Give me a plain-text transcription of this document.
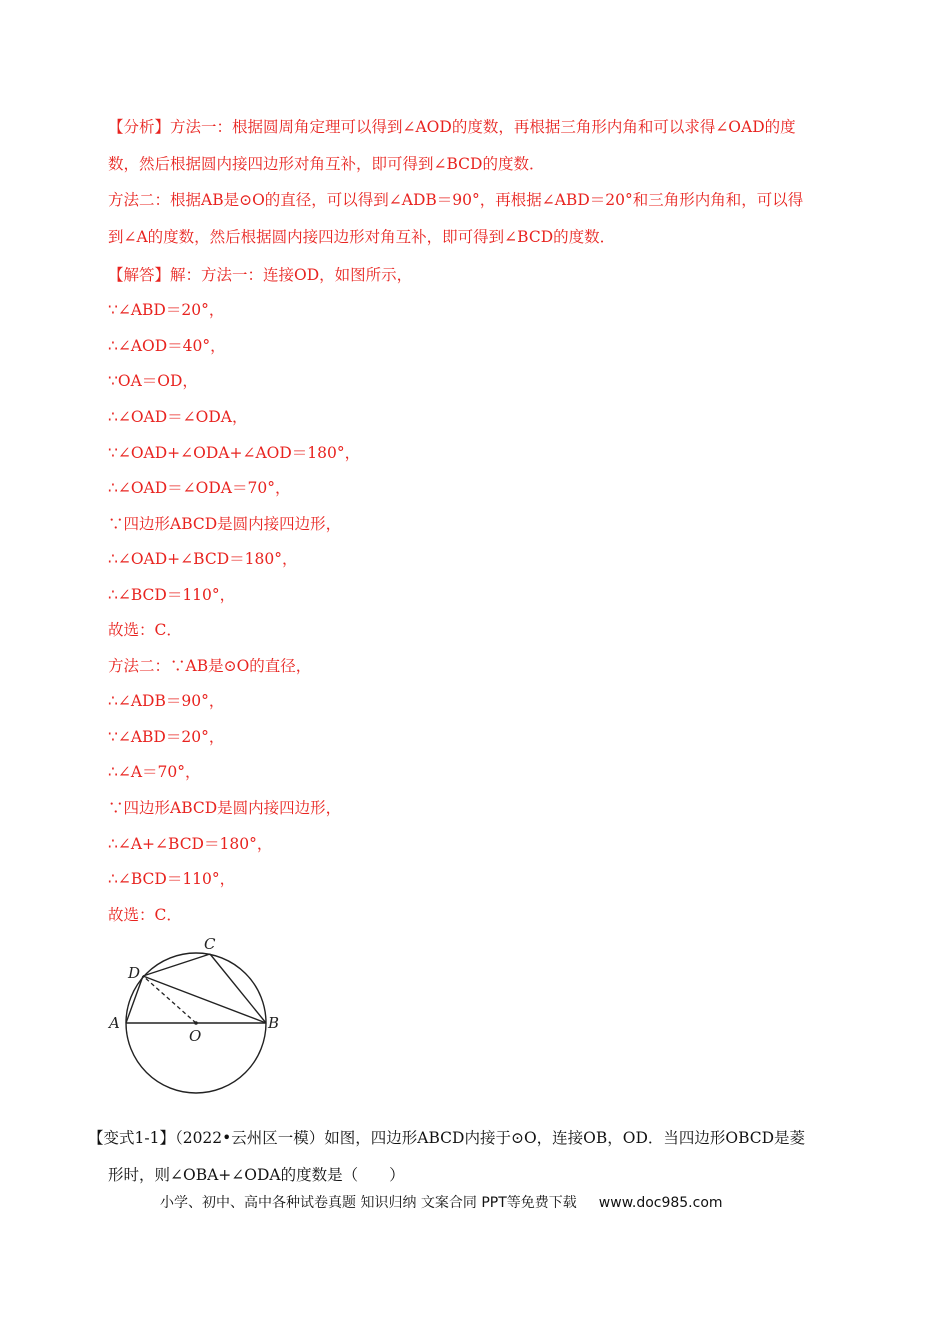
【分析】方法一：根据圆周角定理可以得到∠AOD的度数，再根据三角形内角和可以求得∠OAD的度
数，然后根据圆内接四边形对角互补，即可得到∠BCD的度数．
方法二：根据AB是⊙O的直径，可以得到∠ADB＝90°，再根据∠ABD＝20°和三角形内角和，可以得
到∠A的度数，然后根据圆内接四边形对角互补，即可得到∠BCD的度数．
【解答】解：方法一：连接OD，如图所示，
∵∠ABD＝20°，
∴∠AOD＝40°，
∵OA＝OD，
∴∠OAD＝∠ODA，
∵∠OAD+∠ODA+∠AOD＝180°，
∴∠OAD＝∠ODA＝70°，
∵四边形ABCD是圆内接四边形，
∴∠OAD+∠BCD＝180°，
∴∠BCD＝110°，
故选：C．
方法二：∵AB是⊙O的直径，
∴∠ADB＝90°，
∵∠ABD＝20°，
∴∠A＝70°，
∵四边形ABCD是圆内接四边形，
∴∠A+∠BCD＝180°，
∴∠BCD＝110°，
故选：C．
A	B
C
D
O
【变式1-1】（2022•云州区一模）如图，四边形ABCD内接于⊙O，连接OB，OD．当四边形OBCD是菱
形时，则∠OBA+∠ODA的度数是（　　）
小学、初中、高中各种试卷真题 知识归纳 文案合同 PPT等免费下载 www.doc985.com
